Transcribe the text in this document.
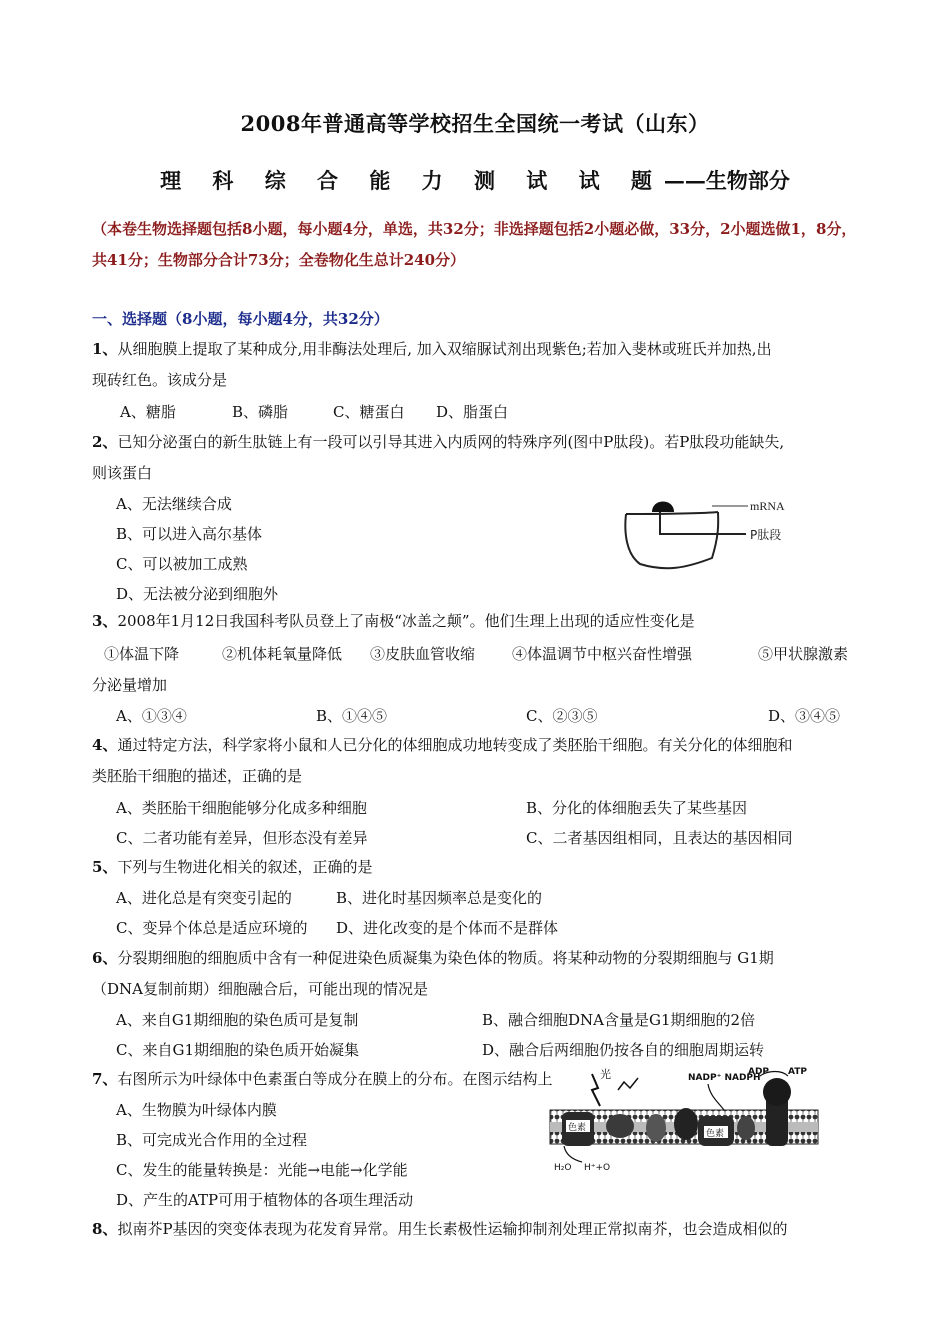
2008年普通高等学校招生全国统一考试（山东）
理 科 综 合 能 力 测 试 试 题——生物部分
（本卷生物选择题包括8小题，每小题4分，单选，共32分；非选择题包括2小题必做，33分，2小题选做1，8分，共41分；生物部分合计73分；全卷物化生总计240分）
一、选择题（8小题，每小题4分，共32分）
1、从细胞膜上提取了某种成分,用非酶法处理后, 加入双缩脲试剂出现紫色;若加入斐林或班氏并加热,出
现砖红色。该成分是
A、糖脂	B、磷脂	C、糖蛋白 D、脂蛋白
2、已知分泌蛋白的新生肽链上有一段可以引导其进入内质网的特殊序列(图中P肽段)。若P肽段功能缺失,
则该蛋白
A、无法继续合成
B、可以进入高尔基体
C、可以被加工成熟
D、无法被分泌到细胞外
mRNA
P肽段
3、2008年1月12日我国科考队员登上了南极“冰盖之颠”。他们生理上出现的适应性变化是
①体温下降	②机体耗氧量降低 ③皮肤血管收缩 ④体温调节中枢兴奋性增强	⑤甲状腺激素
分泌量增加
A、①③④	B、①④⑤	C、②③⑤	D、③④⑤
4、通过特定方法，科学家将小鼠和人已分化的体细胞成功地转变成了类胚胎干细胞。有关分化的体细胞和
类胚胎干细胞的描述，正确的是
A、类胚胎干细胞能够分化成多种细胞	B、分化的体细胞丢失了某些基因
C、二者功能有差异，但形态没有差异	C、二者基因组相同，且表达的基因相同
5、下列与生物进化相关的叙述，正确的是
A、进化总是有突变引起的	B、进化时基因频率总是变化的
C、变异个体总是适应环境的 D、进化改变的是个体而不是群体
6、分裂期细胞的细胞质中含有一种促进染色质凝集为染色体的物质。将某种动物的分裂期细胞与 G1期
（DNA复制前期）细胞融合后，可能出现的情况是
A、来自G1期细胞的染色质可是复制	B、融合细胞DNA含量是G1期细胞的2倍
C、来自G1期细胞的染色质开始凝集	D、融合后两细胞仍按各自的细胞周期运转
7、右图所示为叶绿体中色素蛋白等成分在膜上的分布。在图示结构上
A、生物膜为叶绿体内膜
B、可完成光合作用的全过程
C、发生的能量转换是：光能→电能→化学能
D、产生的ATP可用于植物体的各项生理活动
色素
色素
光	NADP⁺ NADPH
ADP ATP
H₂O H⁺+O
8、拟南芥P基因的突变体表现为花发育异常。用生长素极性运输抑制剂处理正常拟南芥，也会造成相似的
